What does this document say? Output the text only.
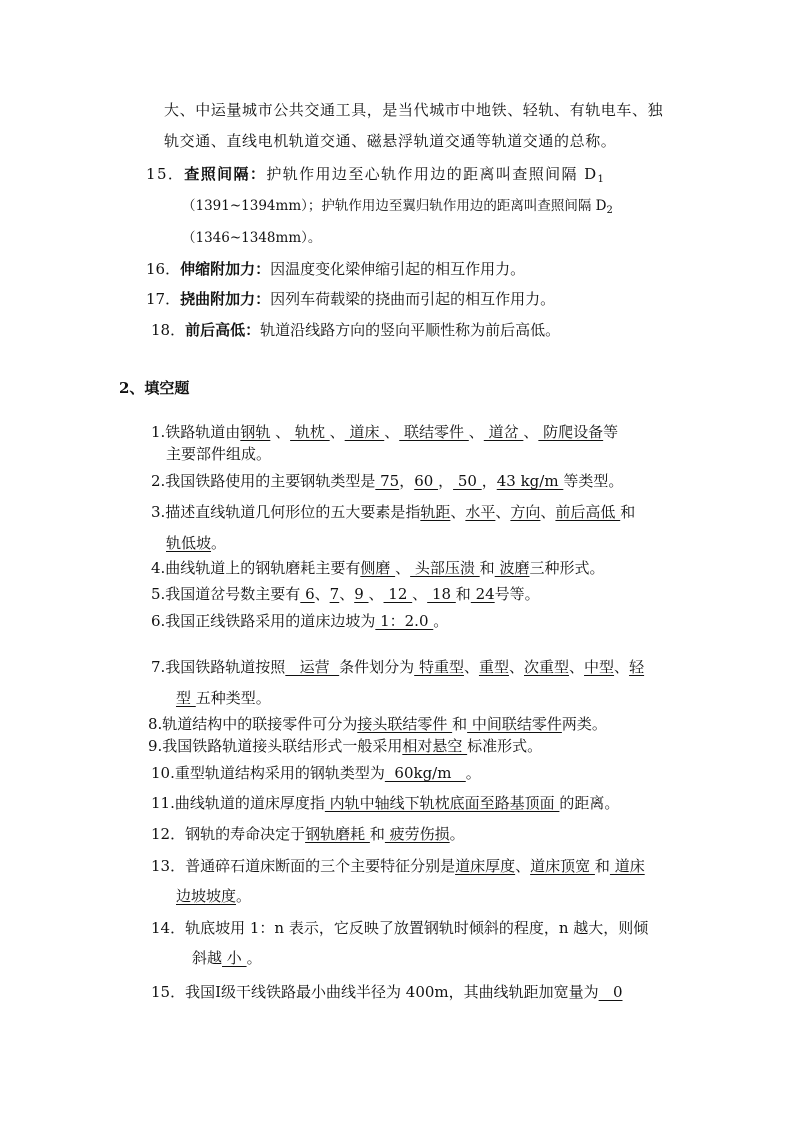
大、中运量城市公共交通工具，是当代城市中地铁、轻轨、有轨电车、独
轨交通、直线电机轨道交通、磁悬浮轨道交通等轨道交通的总称。
15．查照间隔：护轨作用边至心轨作用边的距离叫查照间隔 $D_1$
（1391~1394mm）；护轨作用边至翼归轨作用边的距离叫查照间隔 $D_2$
（1346~1348mm）。
16．伸缩附加力：因温度变化梁伸缩引起的相互作用力。
17．挠曲附加力：因列车荷载梁的挠曲而引起的相互作用力。
18．前后高低：轨道沿线路方向的竖向平顺性称为前后高低。
2、填空题
1.铁路轨道由钢轨 、 轨枕 、 道床 、 联结零件 、 道岔 、 防爬设备等
主要部件组成。
2.我国铁路使用的主要钢轨类型是 75，60 ， 50 ，43 kg/m 等类型。
3.描述直线轨道几何形位的五大要素是指轨距、水平、方向、前后高低 和
轨低坡。
4.曲线轨道上的钢轨磨耗主要有侧磨 、 头部压溃 和 波磨三种形式。
5.我国道岔号数主要有 6、7、9 、 12 、 18 和 24号等。
6.我国正线铁路采用的道床边坡为 1：2.0 。
7.我国铁路轨道按照   运营  条件划分为 特重型、重型、次重型、中型、轻
型 五种类型。
8.轨道结构中的联接零件可分为接头联结零件 和 中间联结零件两类。
9.我国铁路轨道接头联结形式一般采用相对悬空 标准形式。
10.重型轨道结构采用的钢轨类型为  60kg/m   。
11.曲线轨道的道床厚度指 内轨中轴线下轨枕底面至路基顶面 的距离。
12．钢轨的寿命决定于钢轨磨耗 和 疲劳伤损。
13．普通碎石道床断面的三个主要特征分别是道床厚度、道床顶宽 和 道床
边坡坡度。
14．轨底坡用 1：n 表示，它反映了放置钢轨时倾斜的程度，n 越大，则倾
斜越 小 。
15．我国Ⅰ级干线铁路最小曲线半径为 400m，其曲线轨距加宽量为   0
